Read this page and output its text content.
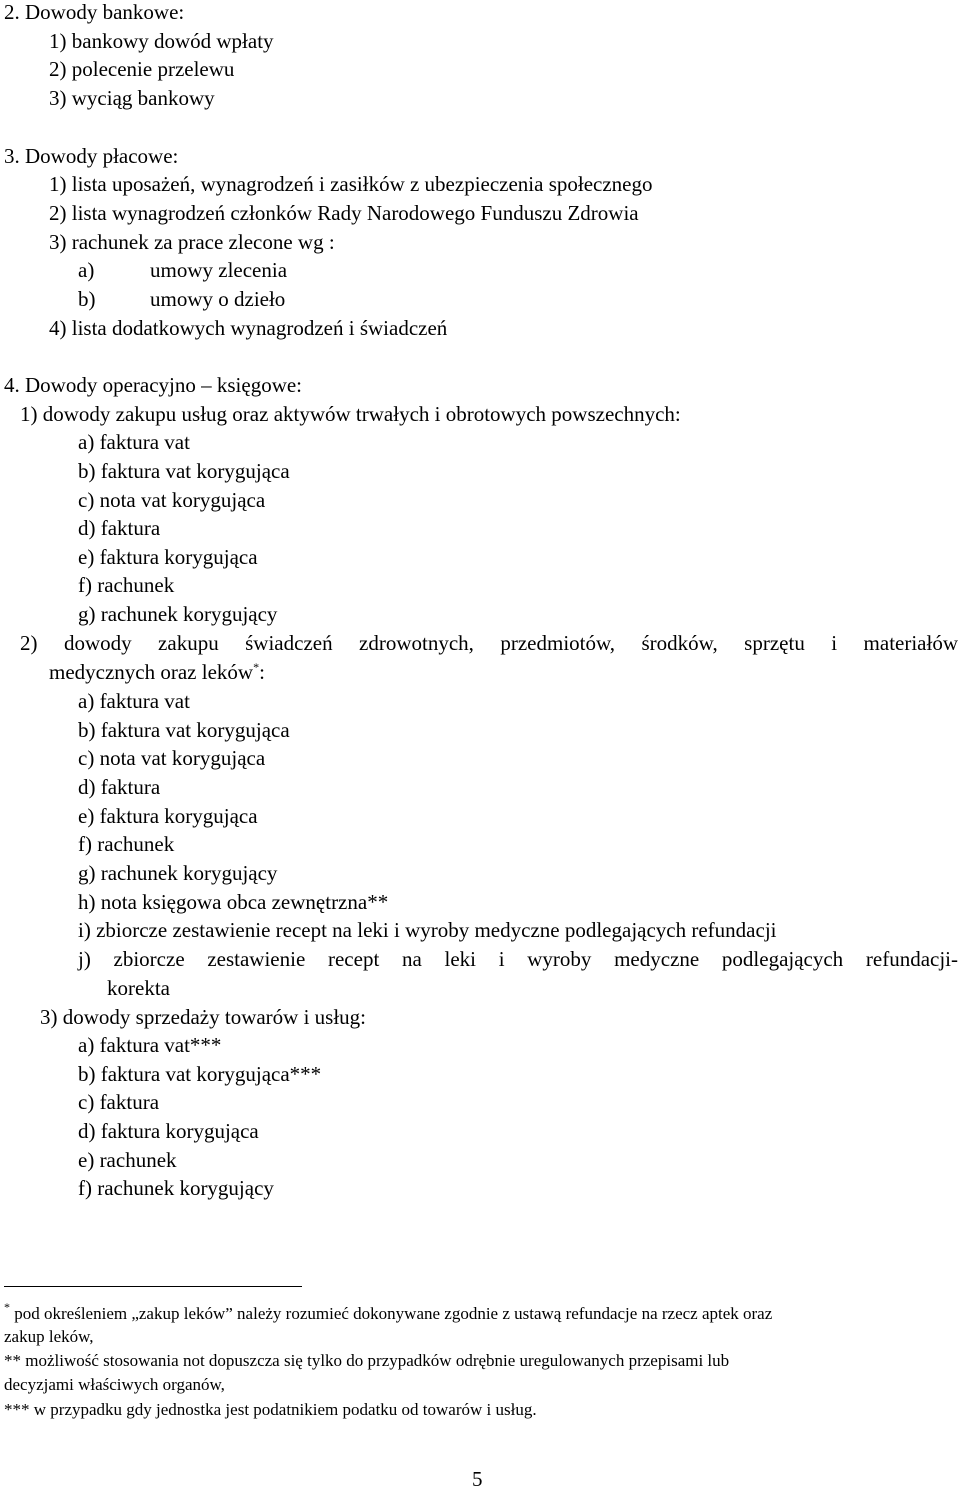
2. Dowody bankowe:
1) bankowy dowód wpłaty
2) polecenie przelewu
3) wyciąg bankowy
3. Dowody płacowe:
1) lista uposażeń, wynagrodzeń i zasiłków z ubezpieczenia społecznego
2) lista wynagrodzeń członków Rady Narodowego Funduszu Zdrowia
3) rachunek za prace zlecone wg :
a)	umowy zlecenia
b)	umowy o dzieło
4) lista dodatkowych wynagrodzeń i świadczeń
4. Dowody operacyjno – księgowe:
1) dowody zakupu usług oraz aktywów trwałych i obrotowych powszechnych:
a) faktura vat
b) faktura vat korygująca
c) nota vat korygująca
d) faktura
e) faktura korygująca
f) rachunek
g) rachunek korygujący
2) dowody zakupu świadczeń zdrowotnych, przedmiotów, środków, sprzętu i materiałów
medycznych oraz leków*:
a) faktura vat
b) faktura vat korygująca
c) nota vat korygująca
d) faktura
e) faktura korygująca
f) rachunek
g) rachunek korygujący
h) nota księgowa obca zewnętrzna**
i) zbiorcze zestawienie recept na leki i wyroby medyczne podlegających refundacji
j) zbiorcze zestawienie recept na leki i wyroby medyczne podlegających refundacji-
korekta
3) dowody sprzedaży towarów i usług:
a) faktura vat***
b) faktura vat korygująca***
c) faktura
d) faktura korygująca
e) rachunek
f) rachunek korygujący
* pod określeniem „zakup leków” należy rozumieć dokonywane zgodnie z ustawą refundacje na rzecz aptek oraz
zakup leków,
** możliwość stosowania not dopuszcza się tylko do przypadków odrębnie uregulowanych przepisami lub
decyzjami właściwych organów,
*** w przypadku gdy jednostka jest podatnikiem podatku od towarów i usług.
5
